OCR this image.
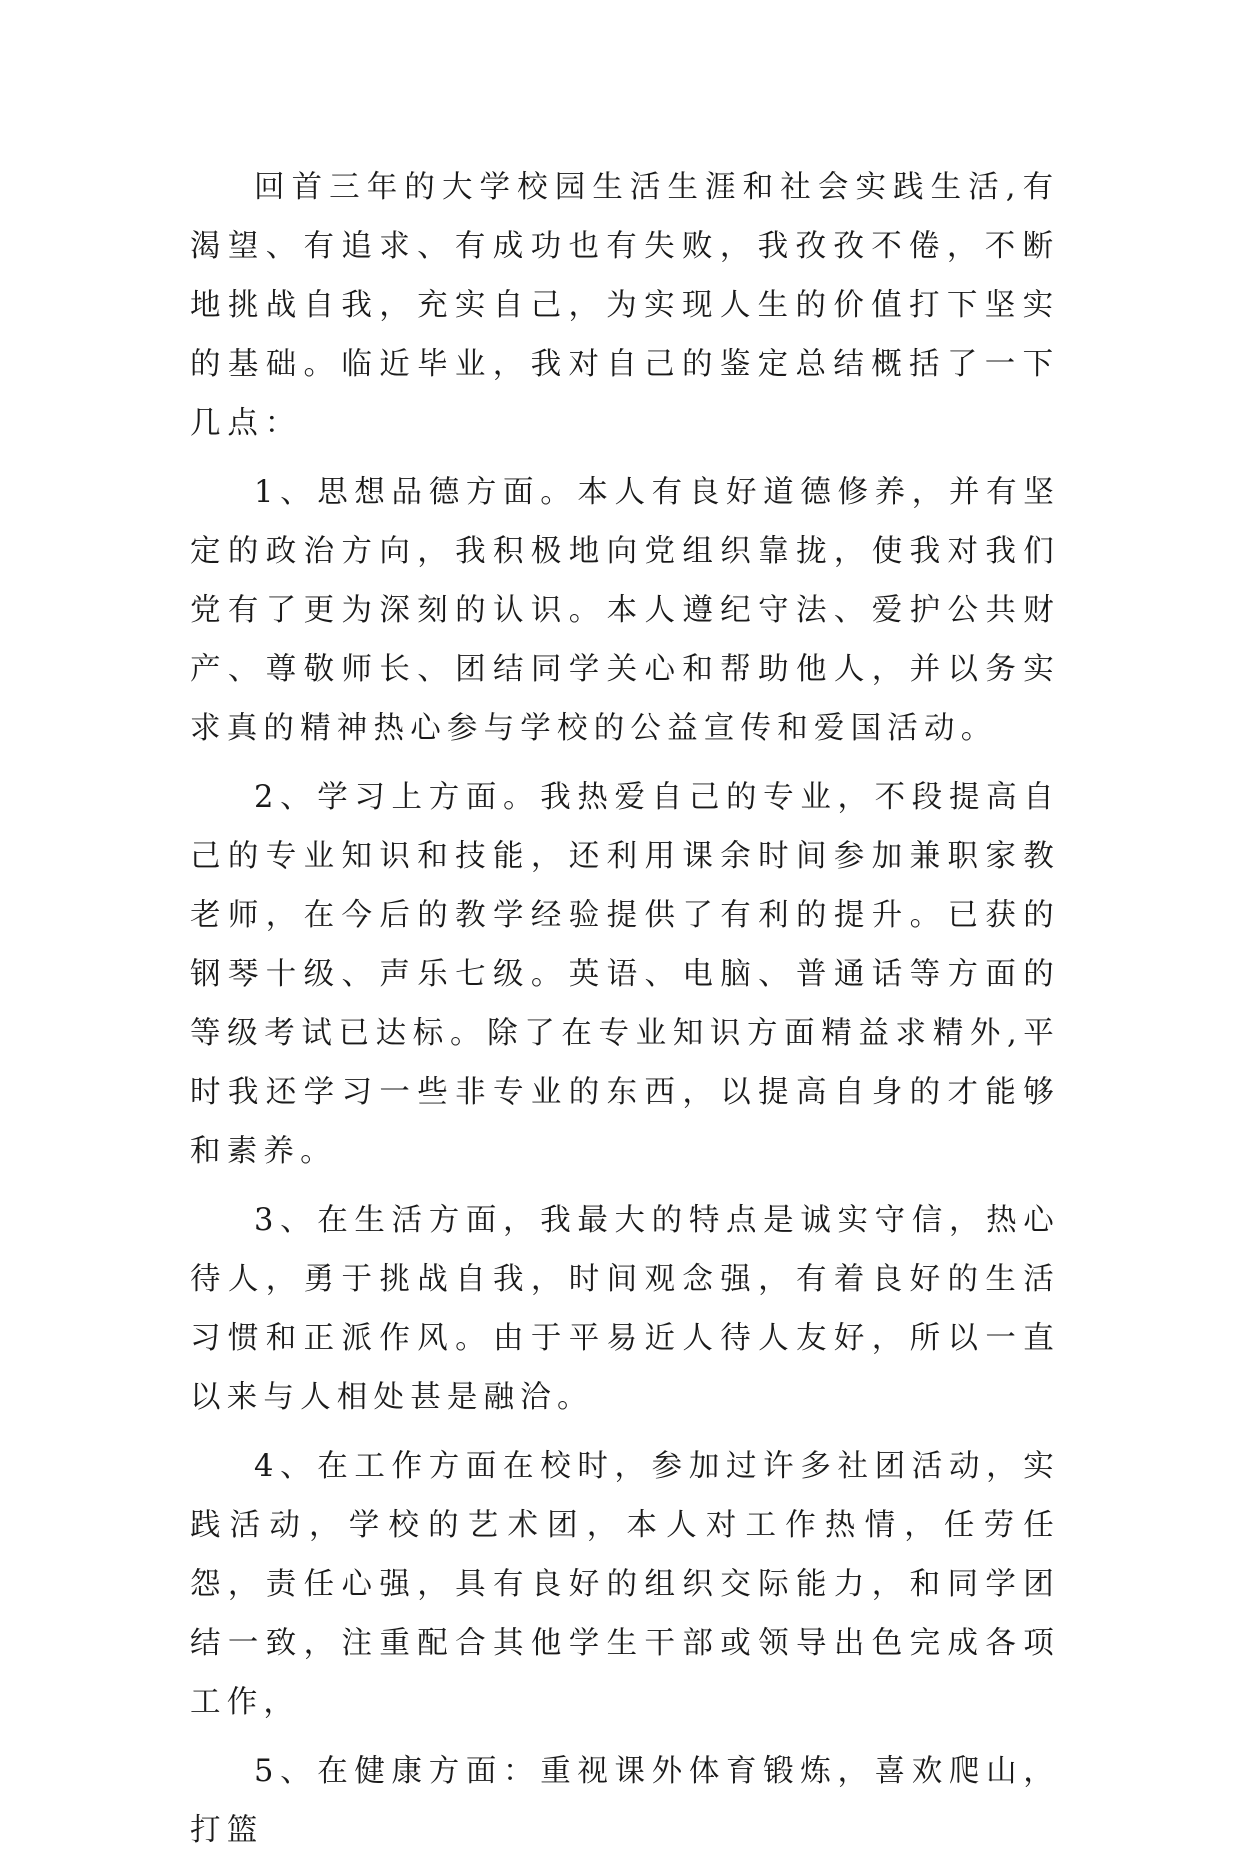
回首三年的大学校园生活生涯和社会实践生活,有渴望、有追求、有成功也有失败，我孜孜不倦，不断地挑战自我，充实自己，为实现人生的价值打下坚实的基础。临近毕业，我对自己的鉴定总结概括了一下几点：

1、思想品德方面。本人有良好道德修养，并有坚定的政治方向，我积极地向党组织靠拢，使我对我们党有了更为深刻的认识。本人遵纪守法、爱护公共财产、尊敬师长、团结同学关心和帮助他人，并以务实求真的精神热心参与学校的公益宣传和爱国活动。

2、学习上方面。我热爱自己的专业，不段提高自己的专业知识和技能，还利用课余时间参加兼职家教老师，在今后的教学经验提供了有利的提升。已获的钢琴十级、声乐七级。英语、电脑、普通话等方面的等级考试已达标。除了在专业知识方面精益求精外,平时我还学习一些非专业的东西，以提高自身的才能够和素养。

3、在生活方面，我最大的特点是诚实守信，热心待人，勇于挑战自我，时间观念强，有着良好的生活习惯和正派作风。由于平易近人待人友好，所以一直以来与人相处甚是融洽。

4、在工作方面在校时，参加过许多社团活动，实践活动，学校的艺术团，本人对工作热情，任劳任怨，责任心强，具有良好的组织交际能力，和同学团结一致，注重配合其他学生干部或领导出色完成各项工作，

5、在健康方面：重视课外体育锻炼，喜欢爬山，打篮
